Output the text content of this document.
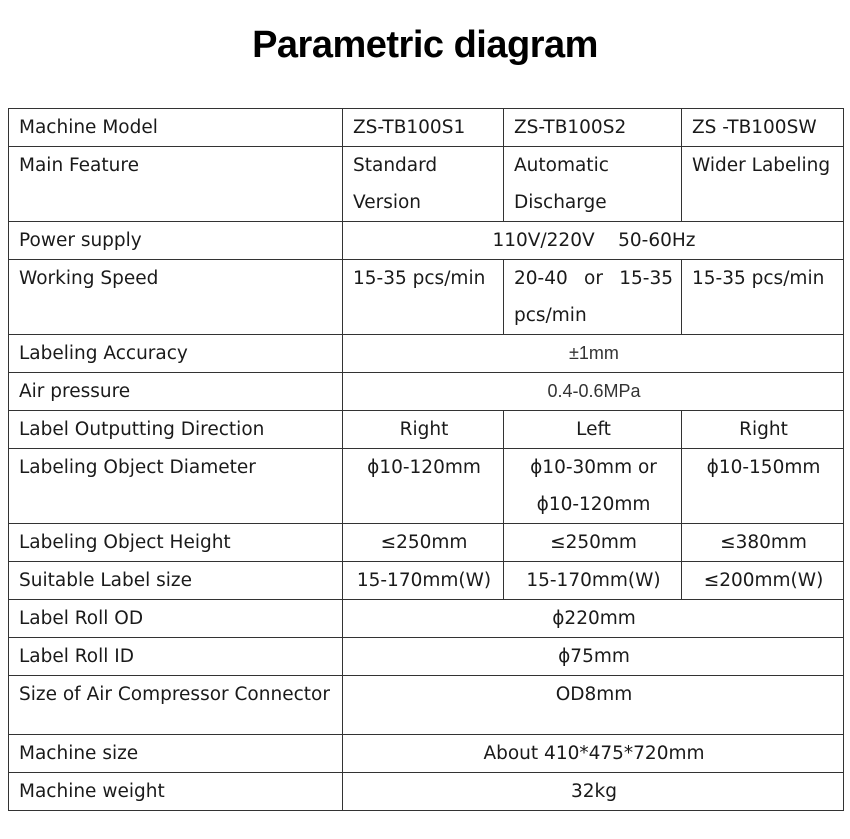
Parametric diagram
Machine Model	ZS-TB100S1	ZS-TB100S2	ZS -TB100SW
Main Feature	Standard Version	Automatic Discharge	Wider Labeling
Power supply	110V/220V    50-60Hz		
Working Speed	15-35 pcs/min	20-40 or 15-35 pcs/min	15-35 pcs/min
Labeling Accuracy	±1mm		
Air pressure	0.4-0.6MPa		
Label Outputting Direction	Right	Left	Right
Labeling Object Diameter	ϕ10-120mm	ϕ10-30mm or ϕ10-120mm	ϕ10-150mm
Labeling Object Height	≤250mm	≤250mm	≤380mm
Suitable Label size	15-170mm(W)	15-170mm(W)	≤200mm(W)
Label Roll OD	ϕ220mm		
Label Roll ID	ϕ75mm		
Size of Air Compressor Connector	OD8mm		
Machine size	About 410*475*720mm		
Machine weight	32kg		
